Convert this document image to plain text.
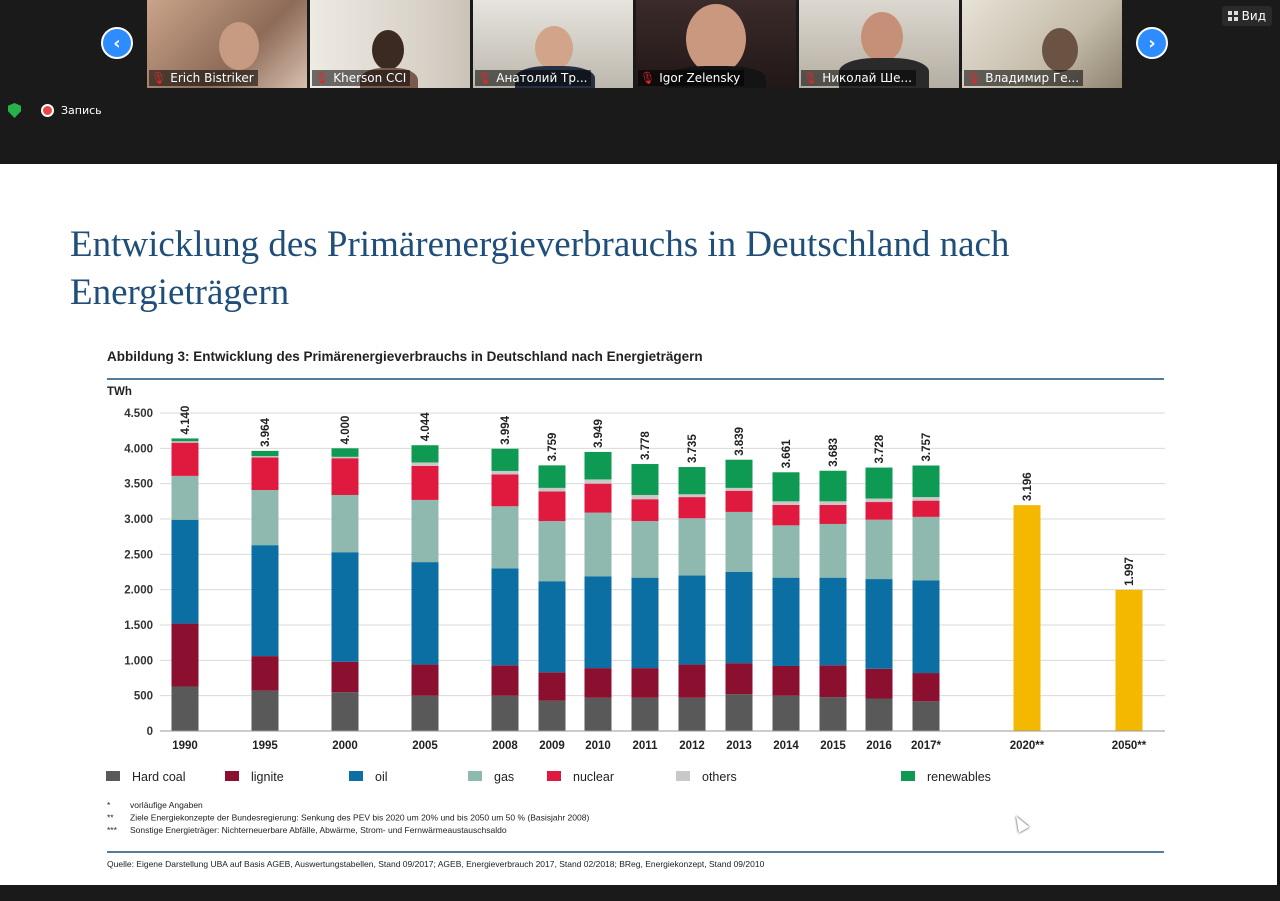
‹
🎙 Erich Bistriker	🎙 Kherson CCI	🎙 Анатолий Тр...	🎙 Igor Zelensky	🎙 Николай Ше...	🎙 Владимир Ге...
›
Вид
Запись
Entwicklung des Primärenergieverbrauchs in Deutschland nach Energieträgern
Abbildung 3: Entwicklung des Primärenergieverbrauchs in Deutschland nach Energieträgern
TWh
0
500
1.000
1.500
2.000
2.500
3.000
3.500
4.000
4.500 4.140
1990
3.964
1995
4.000
2000
4.044
2005
3.994
2008
3.759
2009
3.949
2010
3.778
2011
3.735
2012
3.839
2013
3.661
2014
3.683
2015
3.728
2016
3.757
2017*
3.196
2020**
1.997
2050**
Hard coal	lignite	oil	gas	nuclear	others	renewables
* vorläufige Angaben
** Ziele Energiekonzepte der Bundesregierung: Senkung des PEV bis 2020 um 20% und bis 2050 um 50 % (Basisjahr 2008)
*** Sonstige Energieträger: Nichterneuerbare Abfälle, Abwärme, Strom- und Fernwärmeaustauschsaldo
Quelle: Eigene Darstellung UBA auf Basis AGEB, Auswertungstabellen, Stand 09/2017; AGEB, Energieverbrauch 2017, Stand 02/2018; BReg, Energiekonzept, Stand 09/2010
